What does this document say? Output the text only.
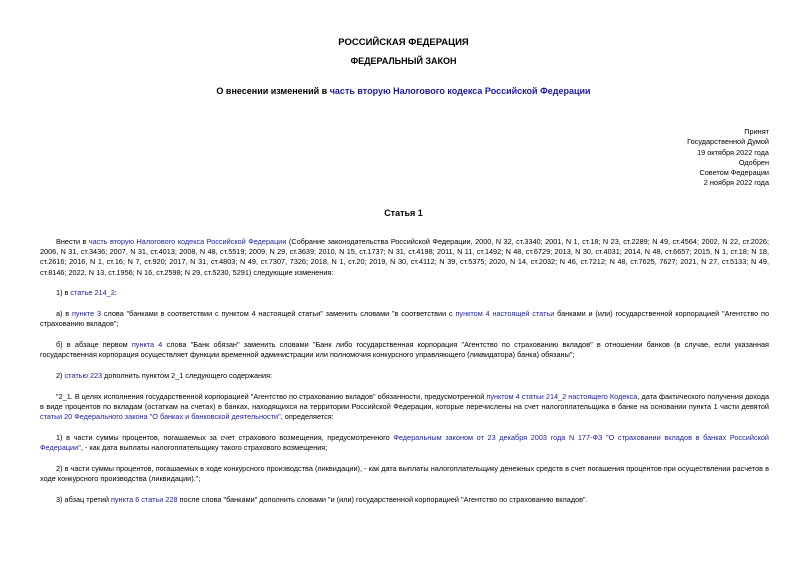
РОССИЙСКАЯ ФЕДЕРАЦИЯ
ФЕДЕРАЛЬНЫЙ ЗАКОН
О внесении изменений в часть вторую Налогового кодекса Российской Федерации
Принят
Государственной Думой
19 октября 2022 года
Одобрен
Советом Федерации
2 ноября 2022 года
Статья 1

Внести в часть вторую Налогового кодекса Российской Федерации (Собрание законодательства Российской Федерации, 2000, N 32, ст.3340; 2001, N 1, ст.18; N 23, ст.2289; N 49, ст.4564; 2002, N 22, ст.2026; 2006, N 31, ст.3436; 2007, N 31, ст.4013; 2008, N 48, ст.5519; 2009, N 29, ст.3639; 2010, N 15, ст.1737; N 31, ст.4198; 2011, N 11, ст.1492; N 48, ст.6729; 2013, N 30, ст.4031; 2014, N 48, ст.6657; 2015, N 1, ст.18; N 18, ст.2616; 2016, N 1, ст.16; N 7, ст.920; 2017, N 31, ст.4803; N 49, ст.7307, 7326; 2018, N 1, ст.20; 2019, N 30, ст.4112; N 39, ст.5375; 2020, N 14, ст.2032; N 46, ст.7212; N 48, ст.7625, 7627; 2021, N 27, ст.5133; N 49, ст.8146; 2022, N 13, ст.1956; N 16, ст.2598; N 29, ст.5230, 5291) следующие изменения:

1) в статье 214_2:

а) в пункте 3 слова "банками в соответствии с пунктом 4 настоящей статьи" заменить словами "в соответствии с пунктом 4 настоящей статьи банками и (или) государственной корпорацией "Агентство по страхованию вкладов";

б) в абзаце первом пункта 4 слова "Банк обязан" заменить словами "Банк либо государственная корпорация "Агентство по страхованию вкладов" в отношении банков (в случае, если указанная государственная корпорация осуществляет функции временной администрации или полномочия конкурсного управляющего (ликвидатора) банка) обязаны";

2) статью 223 дополнить пунктом 2_1 следующего содержания:

"2_1. В целях исполнения государственной корпорацией "Агентство по страхованию вкладов" обязанности, предусмотренной пунктом 4 статьи 214_2 настоящего Кодекса, дата фактического получения дохода в виде процентов по вкладам (остаткам на счетах) в банках, находящихся на территории Российской Федерации, которые перечислены на счет налогоплательщика в банке на основании пункта 1 части девятой статьи 20 Федерального закона "О банках и банковской деятельности", определяется:

1) в части суммы процентов, погашаемых за счет страхового возмещения, предусмотренного Федеральным законом от 23 декабря 2003 года N 177-ФЗ "О страховании вкладов в банках Российской Федерации", - как дата выплаты налогоплательщику такого страхового возмещения;

2) в части суммы процентов, погашаемых в ходе конкурсного производства (ликвидации), - как дата выплаты налогоплательщику денежных средств в счет погашения процентов при осуществлении расчетов в ходе конкурсного производства (ликвидации).";

3) абзац третий пункта 6 статьи 228 после слова "банками" дополнить словами "и (или) государственной корпорацией "Агентство по страхованию вкладов".
